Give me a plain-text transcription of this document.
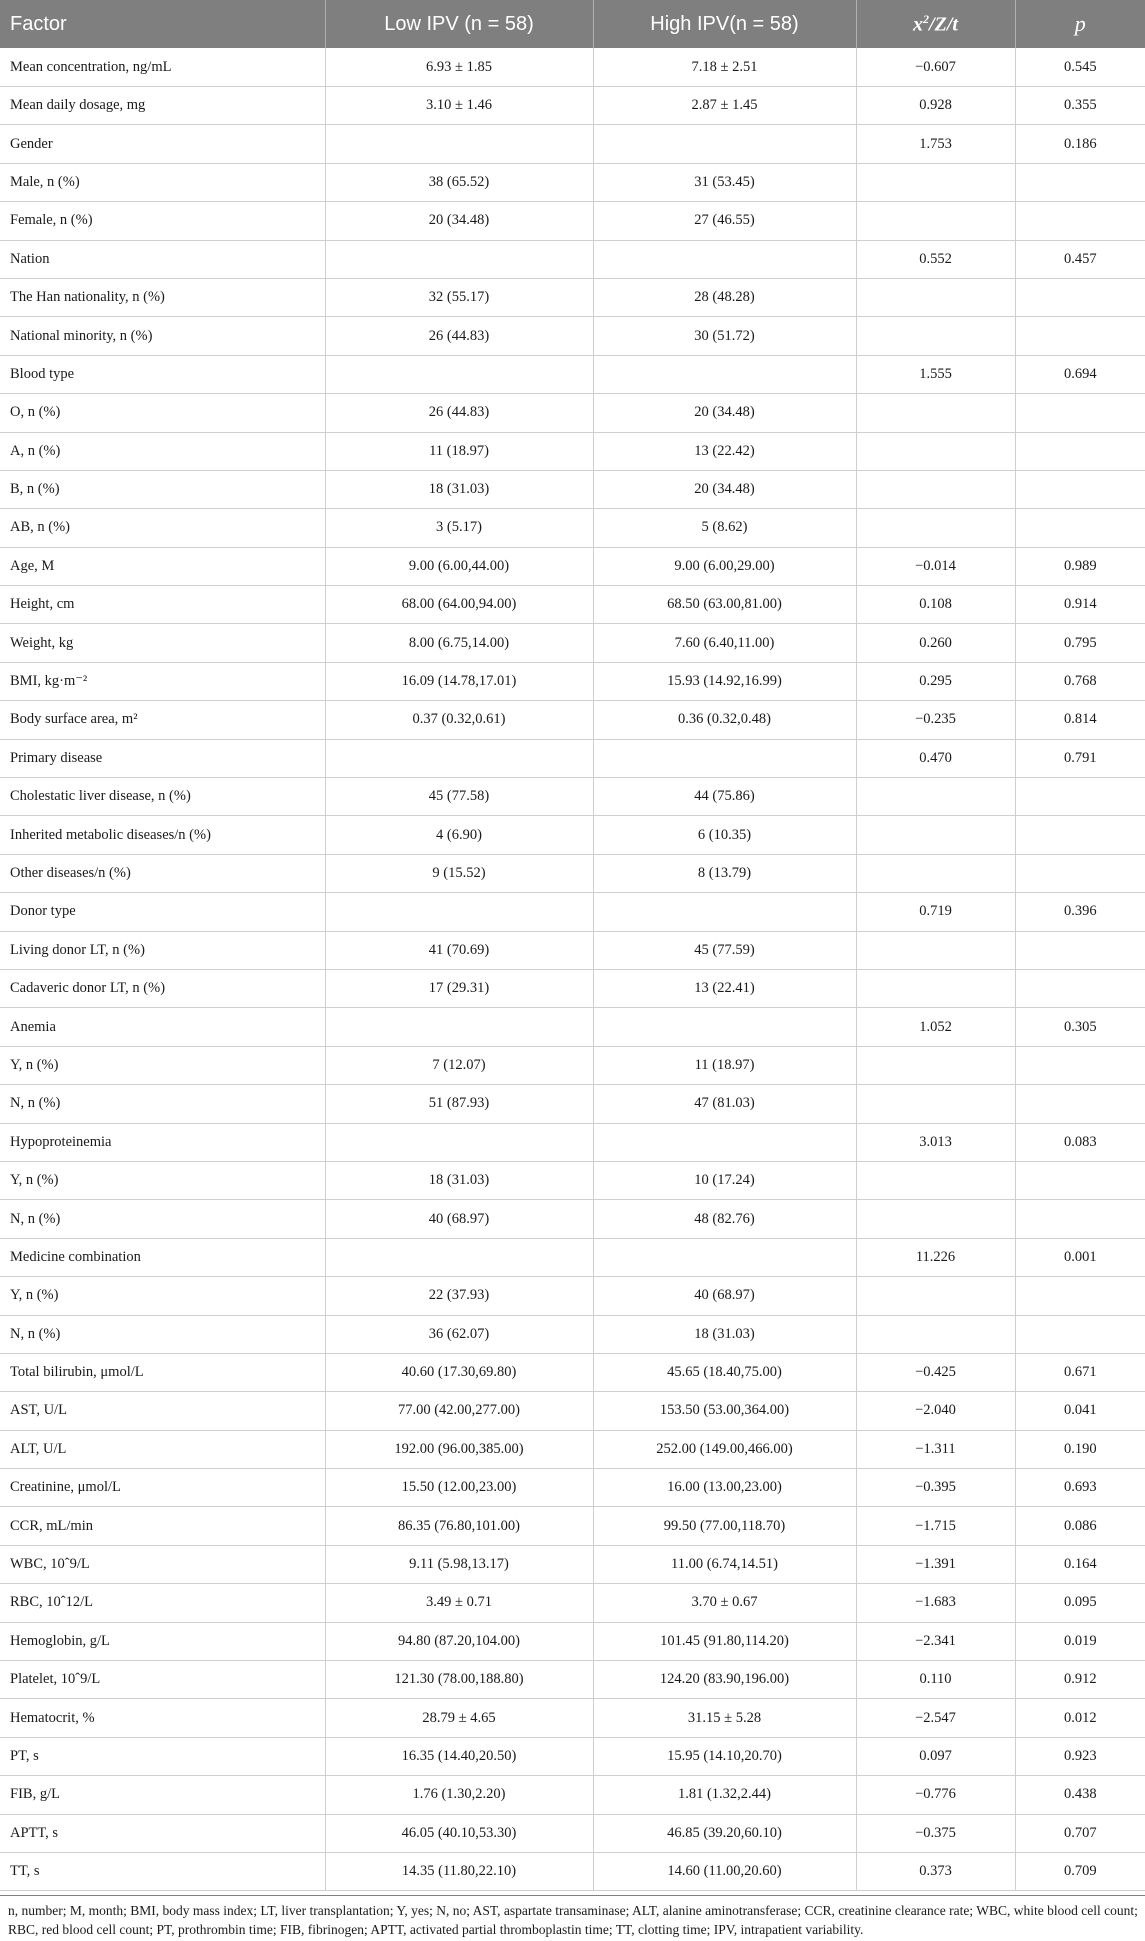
Factor	Low IPV (n = 58)	High IPV(n = 58)	$x^2/Z/t$	p
Mean concentration, ng/mL	6.93 ± 1.85	7.18 ± 2.51	−0.607	0.545
Mean daily dosage, mg	3.10 ± 1.46	2.87 ± 1.45	0.928	0.355
Gender			1.753	0.186
Male, n (%)	38 (65.52)	31 (53.45)		
Female, n (%)	20 (34.48)	27 (46.55)		
Nation			0.552	0.457
The Han nationality, n (%)	32 (55.17)	28 (48.28)		
National minority, n (%)	26 (44.83)	30 (51.72)		
Blood type			1.555	0.694
O, n (%)	26 (44.83)	20 (34.48)		
A, n (%)	11 (18.97)	13 (22.42)		
B, n (%)	18 (31.03)	20 (34.48)		
AB, n (%)	3 (5.17)	5 (8.62)		
Age, M	9.00 (6.00,44.00)	9.00 (6.00,29.00)	−0.014	0.989
Height, cm	68.00 (64.00,94.00)	68.50 (63.00,81.00)	0.108	0.914
Weight, kg	8.00 (6.75,14.00)	7.60 (6.40,11.00)	0.260	0.795
BMI, kg·m⁻²	16.09 (14.78,17.01)	15.93 (14.92,16.99)	0.295	0.768
Body surface area, m²	0.37 (0.32,0.61)	0.36 (0.32,0.48)	−0.235	0.814
Primary disease			0.470	0.791
Cholestatic liver disease, n (%)	45 (77.58)	44 (75.86)		
Inherited metabolic diseases/n (%)	4 (6.90)	6 (10.35)		
Other diseases/n (%)	9 (15.52)	8 (13.79)		
Donor type			0.719	0.396
Living donor LT, n (%)	41 (70.69)	45 (77.59)		
Cadaveric donor LT, n (%)	17 (29.31)	13 (22.41)		
Anemia			1.052	0.305
Y, n (%)	7 (12.07)	11 (18.97)		
N, n (%)	51 (87.93)	47 (81.03)		
Hypoproteinemia			3.013	0.083
Y, n (%)	18 (31.03)	10 (17.24)		
N, n (%)	40 (68.97)	48 (82.76)		
Medicine combination			11.226	0.001
Y, n (%)	22 (37.93)	40 (68.97)		
N, n (%)	36 (62.07)	18 (31.03)		
Total bilirubin, μmol/L	40.60 (17.30,69.80)	45.65 (18.40,75.00)	−0.425	0.671
AST, U/L	77.00 (42.00,277.00)	153.50 (53.00,364.00)	−2.040	0.041
ALT, U/L	192.00 (96.00,385.00)	252.00 (149.00,466.00)	−1.311	0.190
Creatinine, μmol/L	15.50 (12.00,23.00)	16.00 (13.00,23.00)	−0.395	0.693
CCR, mL/min	86.35 (76.80,101.00)	99.50 (77.00,118.70)	−1.715	0.086
WBC, 10ˆ9/L	9.11 (5.98,13.17)	11.00 (6.74,14.51)	−1.391	0.164
RBC, 10ˆ12/L	3.49 ± 0.71	3.70 ± 0.67	−1.683	0.095
Hemoglobin, g/L	94.80 (87.20,104.00)	101.45 (91.80,114.20)	−2.341	0.019
Platelet, 10ˆ9/L	121.30 (78.00,188.80)	124.20 (83.90,196.00)	0.110	0.912
Hematocrit, %	28.79 ± 4.65	31.15 ± 5.28	−2.547	0.012
PT, s	16.35 (14.40,20.50)	15.95 (14.10,20.70)	0.097	0.923
FIB, g/L	1.76 (1.30,2.20)	1.81 (1.32,2.44)	−0.776	0.438
APTT, s	46.05 (40.10,53.30)	46.85 (39.20,60.10)	−0.375	0.707
TT, s	14.35 (11.80,22.10)	14.60 (11.00,20.60)	0.373	0.709
n, number; M, month; BMI, body mass index; LT, liver transplantation; Y, yes; N, no; AST, aspartate transaminase; ALT, alanine aminotransferase; CCR, creatinine clearance rate; WBC, white blood cell count; RBC, red blood cell count; PT, prothrombin time; FIB, fibrinogen; APTT, activated partial thromboplastin time; TT, clotting time; IPV, intrapatient variability.
